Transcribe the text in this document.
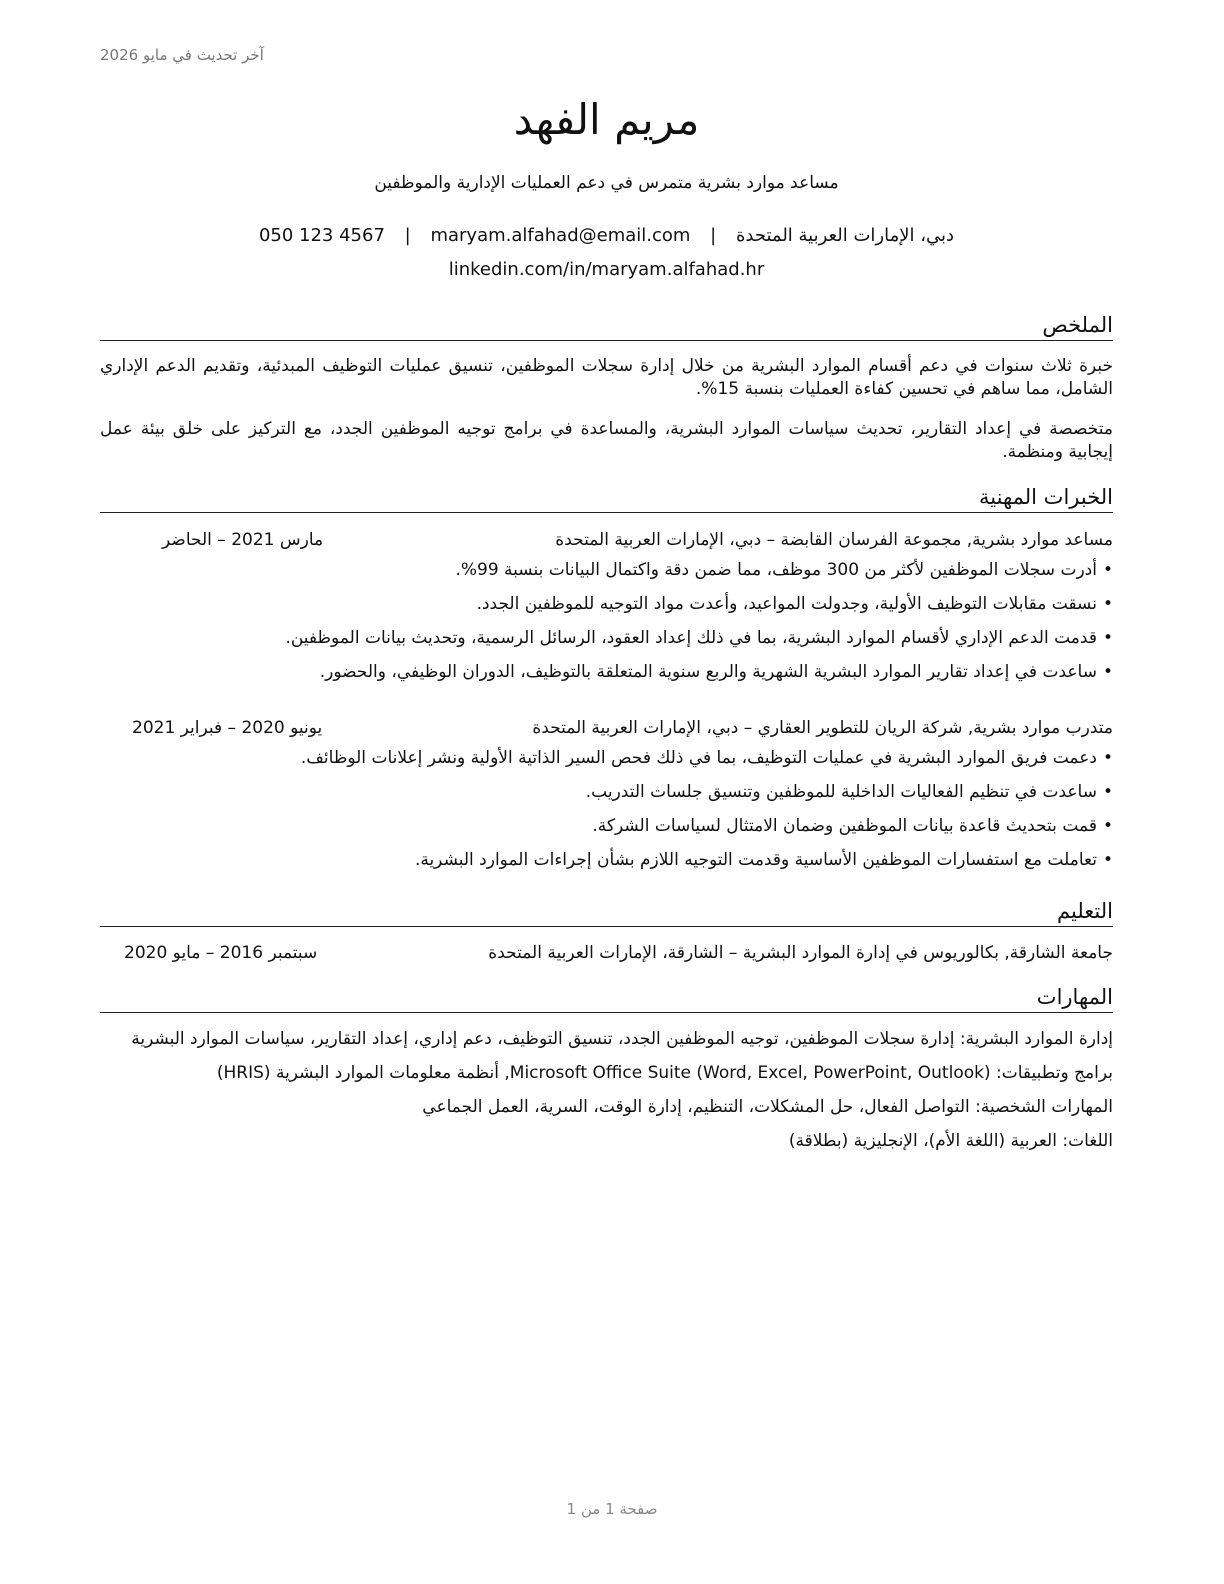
آخر تحديث في مايو 2026
مريم الفهد
مساعد موارد بشرية متمرس في دعم العمليات الإدارية والموظفين
دبي، الإمارات العربية المتحدة | maryam.alfahad@email.com | 050 123 4567
linkedin.com/in/maryam.alfahad.hr
الملخص
خبرة ثلاث سنوات في دعم أقسام الموارد البشرية من خلال إدارة سجلات الموظفين، تنسيق عمليات التوظيف المبدئية، وتقديم الدعم الإداري الشامل، مما ساهم في تحسين كفاءة العمليات بنسبة 15%.
متخصصة في إعداد التقارير، تحديث سياسات الموارد البشرية، والمساعدة في برامج توجيه الموظفين الجدد، مع التركيز على خلق بيئة عمل إيجابية ومنظمة.
الخبرات المهنية
مساعد موارد بشرية, مجموعة الفرسان القابضة – دبي، الإمارات العربية المتحدة
مارس 2021 – الحاضر
• أدرت سجلات الموظفين لأكثر من 300 موظف، مما ضمن دقة واكتمال البيانات بنسبة 99%.
• نسقت مقابلات التوظيف الأولية، وجدولت المواعيد، وأعدت مواد التوجيه للموظفين الجدد.
• قدمت الدعم الإداري لأقسام الموارد البشرية، بما في ذلك إعداد العقود، الرسائل الرسمية، وتحديث بيانات الموظفين.
• ساعدت في إعداد تقارير الموارد البشرية الشهرية والربع سنوية المتعلقة بالتوظيف، الدوران الوظيفي، والحضور.
متدرب موارد بشرية, شركة الريان للتطوير العقاري – دبي، الإمارات العربية المتحدة
يونيو 2020 – فبراير 2021
• دعمت فريق الموارد البشرية في عمليات التوظيف، بما في ذلك فحص السير الذاتية الأولية ونشر إعلانات الوظائف.
• ساعدت في تنظيم الفعاليات الداخلية للموظفين وتنسيق جلسات التدريب.
• قمت بتحديث قاعدة بيانات الموظفين وضمان الامتثال لسياسات الشركة.
• تعاملت مع استفسارات الموظفين الأساسية وقدمت التوجيه اللازم بشأن إجراءات الموارد البشرية.
التعليم
جامعة الشارقة, بكالوريوس في إدارة الموارد البشرية – الشارقة، الإمارات العربية المتحدة
سبتمبر 2016 – مايو 2020
المهارات
إدارة الموارد البشرية: إدارة سجلات الموظفين، توجيه الموظفين الجدد، تنسيق التوظيف، دعم إداري، إعداد التقارير، سياسات الموارد البشرية
برامج وتطبيقات: Microsoft Office Suite (Word, Excel, PowerPoint, Outlook), أنظمة معلومات الموارد البشرية (HRIS)
المهارات الشخصية: التواصل الفعال، حل المشكلات، التنظيم، إدارة الوقت، السرية، العمل الجماعي
اللغات: العربية (اللغة الأم)، الإنجليزية (بطلاقة)
صفحة 1 من 1
